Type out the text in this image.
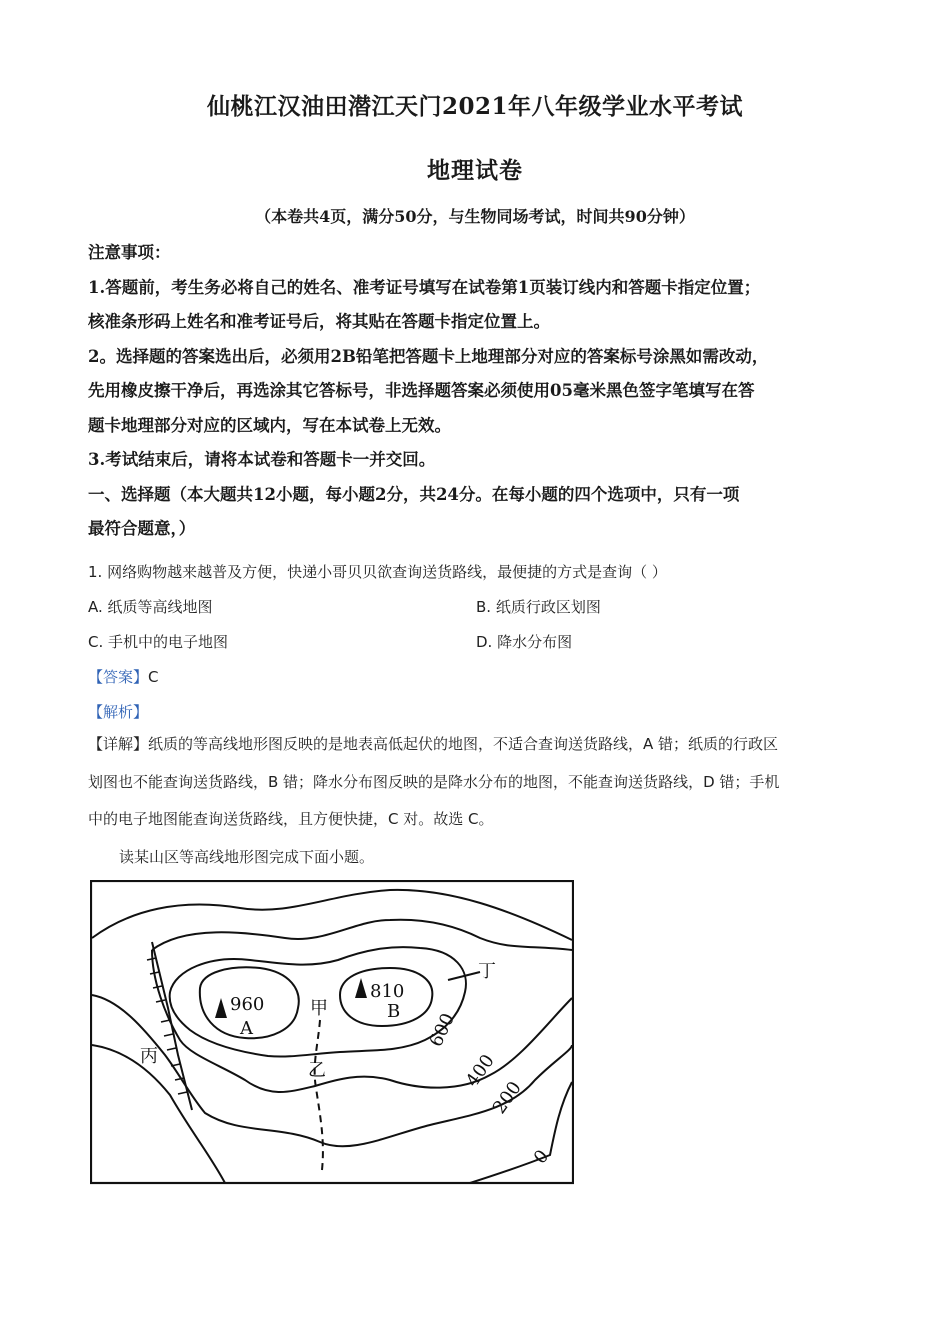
仙桃江汉油田潜江天门2021年八年级学业水平考试
地理试卷
（本卷共4页，满分50分，与生物同场考试，时间共90分钟）
注意事项：
1.答题前，考生务必将自己的姓名、准考证号填写在试卷第1页装订线内和答题卡指定位置；
核准条形码上姓名和准考证号后，将其贴在答题卡指定位置上。
2。选择题的答案选出后，必须用2B铅笔把答题卡上地理部分对应的答案标号涂黑如需改动，
先用橡皮擦干净后，再选涂其它答标号，非选择题答案必须使用05毫米黑色签字笔填写在答
题卡地理部分对应的区域内，写在本试卷上无效。
3.考试结束后，请将本试卷和答题卡一并交回。
一、选择题（本大题共12小题，每小题2分，共24分。在每小题的四个选项中，只有一项
最符合题意，）
1. 网络购物越来越普及方便，快递小哥贝贝欲查询送货路线，最便捷的方式是查询（ ）
A. 纸质等高线地图	B. 纸质行政区划图
C. 手机中的电子地图	D. 降水分布图
【答案】C
【解析】
【详解】纸质的等高线地形图反映的是地表高低起伏的地图，不适合查询送货路线，A 错；纸质的行政区
划图也不能查询送货路线，B 错；降水分布图反映的是降水分布的地图，不能查询送货路线，D 错；手机
中的电子地图能查询送货路线，且方便快捷，C 对。故选 C。
读某山区等高线地形图完成下面小题。
960
A
810
B
甲
乙
丙
丁
600
400
200
0
